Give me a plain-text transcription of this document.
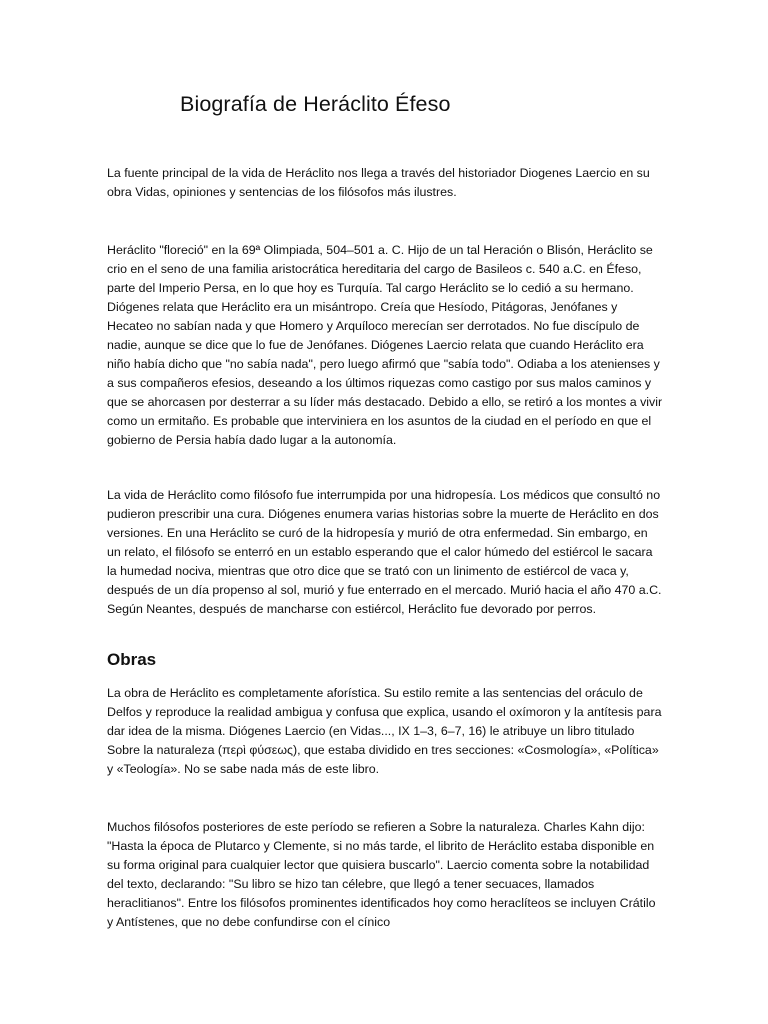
Biografía de Heráclito Éfeso

La fuente principal de la vida de Heráclito nos llega a través del historiador Diogenes Laercio en su obra Vidas, opiniones y sentencias de los filósofos más ilustres.

Heráclito "floreció" en la 69ª Olimpiada, 504–501 a. C. Hijo de un tal Heración o Blisón, Heráclito se crio en el seno de una familia aristocrática hereditaria del cargo de Basileos c. 540 a.C. en Éfeso, parte del Imperio Persa, en lo que hoy es Turquía. Tal cargo Heráclito se lo cedió a su hermano. Diógenes relata que Heráclito era un misántropo. Creía que Hesíodo, Pitágoras, Jenófanes y Hecateo no sabían nada y que Homero y Arquíloco merecían ser derrotados. No fue discípulo de nadie, aunque se dice que lo fue de Jenófanes. Diógenes Laercio relata que cuando Heráclito era niño había dicho que "no sabía nada", pero luego afirmó que "sabía todo". Odiaba a los atenienses y a sus compañeros efesios, deseando a los últimos riquezas como castigo por sus malos caminos y que se ahorcasen por desterrar a su líder más destacado. Debido a ello, se retiró a los montes a vivir como un ermitaño. Es probable que interviniera en los asuntos de la ciudad en el período en que el gobierno de Persia había dado lugar a la autonomía.

La vida de Heráclito como filósofo fue interrumpida por una hidropesía. Los médicos que consultó no pudieron prescribir una cura. Diógenes enumera varias historias sobre la muerte de Heráclito en dos versiones. En una Heráclito se curó de la hidropesía y murió de otra enfermedad. Sin embargo, en un relato, el filósofo se enterró en un establo esperando que el calor húmedo del estiércol le sacara la humedad nociva, mientras que otro dice que se trató con un linimento de estiércol de vaca y, después de un día propenso al sol, murió y fue enterrado en el mercado. Murió hacia el año 470 a.C. Según Neantes, después de mancharse con estiércol, Heráclito fue devorado por perros.

Obras

La obra de Heráclito es completamente aforística. Su estilo remite a las sentencias del oráculo de Delfos y reproduce la realidad ambigua y confusa que explica, usando el oxímoron y la antítesis para dar idea de la misma. Diógenes Laercio (en Vidas..., IX 1–3, 6–7, 16) le atribuye un libro titulado Sobre la naturaleza (περὶ φύσεως), que estaba dividido en tres secciones: «Cosmología», «Política» y «Teología». No se sabe nada más de este libro.

Muchos filósofos posteriores de este período se refieren a Sobre la naturaleza. Charles Kahn dijo: "Hasta la época de Plutarco y Clemente, si no más tarde, el librito de Heráclito estaba disponible en su forma original para cualquier lector que quisiera buscarlo". Laercio comenta sobre la notabilidad del texto, declarando: "Su libro se hizo tan célebre, que llegó a tener secuaces, llamados heraclitianos". Entre los filósofos prominentes identificados hoy como heraclíteos se incluyen Crátilo y Antístenes, que no debe confundirse con el cínico
